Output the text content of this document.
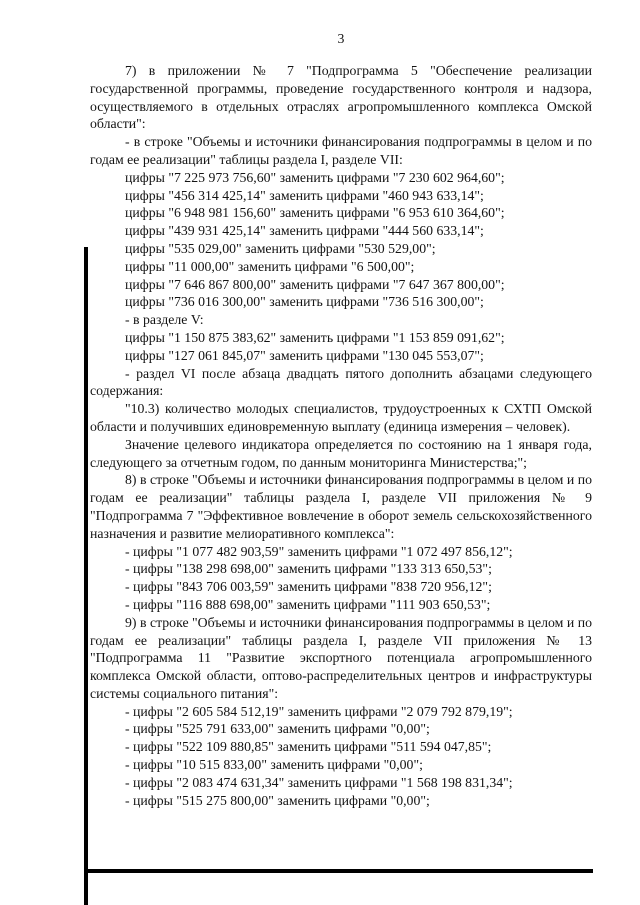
3
7) в приложении № 7 "Подпрограмма 5 "Обеспечение реализации государственной программы, проведение государственного контроля и надзора, осуществляемого в отдельных отраслях агропромышленного комплекса Омской области":
- в строке "Объемы и источники финансирования подпрограммы в целом и по годам ее реализации" таблицы раздела I, разделе VII:
цифры "7 225 973 756,60" заменить цифрами "7 230 602 964,60";
цифры "456 314 425,14" заменить цифрами "460 943 633,14";
цифры "6 948 981 156,60" заменить цифрами "6 953 610 364,60";
цифры "439 931 425,14" заменить цифрами "444 560 633,14";
цифры "535 029,00" заменить цифрами "530 529,00";
цифры "11 000,00" заменить цифрами "6 500,00";
цифры "7 646 867 800,00" заменить цифрами "7 647 367 800,00";
цифры "736 016 300,00" заменить цифрами "736 516 300,00";
- в разделе V:
цифры "1 150 875 383,62" заменить цифрами "1 153 859 091,62";
цифры "127 061 845,07" заменить цифрами "130 045 553,07";
- раздел VI после абзаца двадцать пятого дополнить абзацами следующего содержания:
"10.3) количество молодых специалистов, трудоустроенных к СХТП Омской области и получивших единовременную выплату (единица измерения – человек).
Значение целевого индикатора определяется по состоянию на 1 января года, следующего за отчетным годом, по данным мониторинга Министерства;";
8) в строке "Объемы и источники финансирования подпрограммы в целом и по годам ее реализации" таблицы раздела I, разделе VII приложения № 9 "Подпрограмма 7 "Эффективное вовлечение в оборот земель сельскохозяйственного назначения и развитие мелиоративного комплекса":
- цифры "1 077 482 903,59" заменить цифрами "1 072 497 856,12";
- цифры "138 298 698,00" заменить цифрами "133 313 650,53";
- цифры "843 706 003,59" заменить цифрами "838 720 956,12";
- цифры "116 888 698,00" заменить цифрами "111 903 650,53";
9) в строке "Объемы и источники финансирования подпрограммы в целом и по годам ее реализации" таблицы раздела I, разделе VII приложения № 13 "Подпрограмма 11 "Развитие экспортного потенциала агропромышленного комплекса Омской области, оптово-распределительных центров и инфраструктуры системы социального питания":
- цифры "2 605 584 512,19" заменить цифрами "2 079 792 879,19";
- цифры "525 791 633,00" заменить цифрами "0,00";
- цифры "522 109 880,85" заменить цифрами "511 594 047,85";
- цифры "10 515 833,00" заменить цифрами "0,00";
- цифры "2 083 474 631,34" заменить цифрами "1 568 198 831,34";
- цифры "515 275 800,00" заменить цифрами "0,00";
